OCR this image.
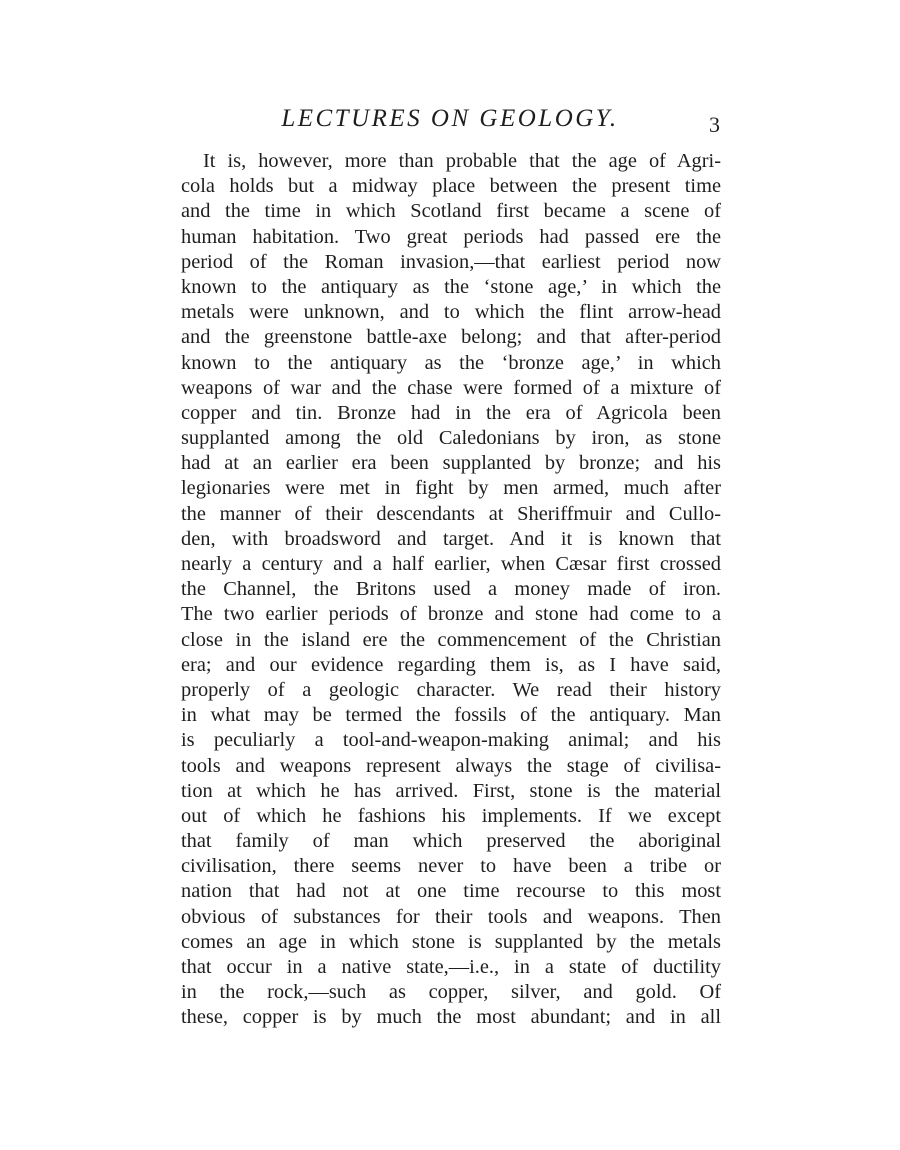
LECTURES ON GEOLOGY.	3
It is, however, more than probable that the age of Agri-
cola holds but a midway place between the present time
and the time in which Scotland first became a scene of
human habitation. Two great periods had passed ere the
period of the Roman invasion,—that earliest period now
known to the antiquary as the ‘stone age,’ in which the
metals were unknown, and to which the flint arrow-head
and the greenstone battle-axe belong; and that after-period
known to the antiquary as the ‘bronze age,’ in which
weapons of war and the chase were formed of a mixture of
copper and tin. Bronze had in the era of Agricola been
supplanted among the old Caledonians by iron, as stone
had at an earlier era been supplanted by bronze; and his
legionaries were met in fight by men armed, much after
the manner of their descendants at Sheriffmuir and Cullo-
den, with broadsword and target. And it is known that
nearly a century and a half earlier, when Cæsar first crossed
the Channel, the Britons used a money made of iron.
The two earlier periods of bronze and stone had come to a
close in the island ere the commencement of the Christian
era; and our evidence regarding them is, as I have said,
properly of a geologic character. We read their history
in what may be termed the fossils of the antiquary. Man
is peculiarly a tool-and-weapon-making animal; and his
tools and weapons represent always the stage of civilisa-
tion at which he has arrived. First, stone is the material
out of which he fashions his implements. If we except
that family of man which preserved the aboriginal
civilisation, there seems never to have been a tribe or
nation that had not at one time recourse to this most
obvious of substances for their tools and weapons. Then
comes an age in which stone is supplanted by the metals
that occur in a native state,—i.e., in a state of ductility
in the rock,—such as copper, silver, and gold. Of
these, copper is by much the most abundant; and in all
